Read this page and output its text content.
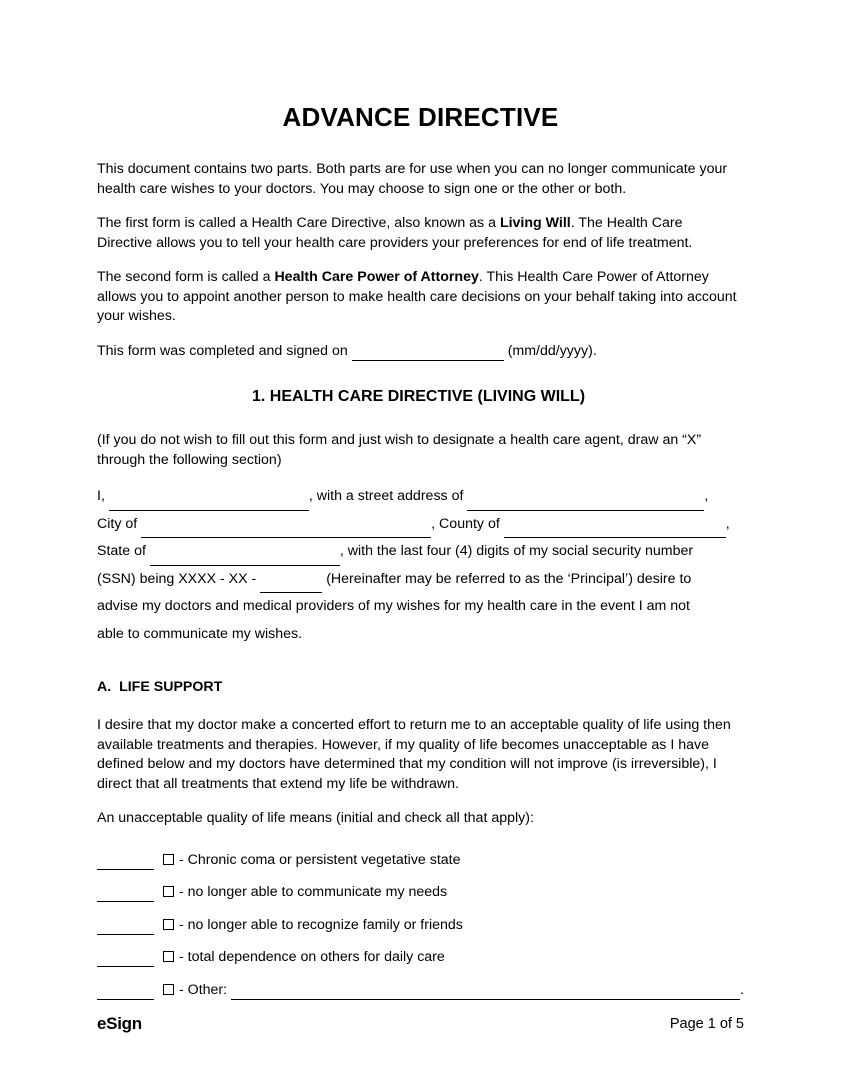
ADVANCE DIRECTIVE

This document contains two parts. Both parts are for use when you can no longer communicate your health care wishes to your doctors. You may choose to sign one or the other or both.

The first form is called a Health Care Directive, also known as a Living Will. The Health Care Directive allows you to tell your health care providers your preferences for end of life treatment.

The second form is called a Health Care Power of Attorney. This Health Care Power of Attorney allows you to appoint another person to make health care decisions on your behalf taking into account your wishes.

This form was completed and signed on	(mm/dd/yyyy).

1. HEALTH CARE DIRECTIVE (LIVING WILL)

(If you do not wish to fill out this form and just wish to designate a health care agent, draw an “X” through the following section)

I,	, with a street address of	,
City of	, County of	,
State of	, with the last four (4) digits of my social security number
(SSN) being XXXX - XX -	(Hereinafter may be referred to as the ‘Principal’) desire to
advise my doctors and medical providers of my wishes for my health care in the event I am not
able to communicate my wishes.

A.  LIFE SUPPORT

I desire that my doctor make a concerted effort to return me to an acceptable quality of life using then available treatments and therapies. However, if my quality of life becomes unacceptable as I have defined below and my doctors have determined that my condition will not improve (is irreversible), I direct that all treatments that extend my life be withdrawn.

An unacceptable quality of life means (initial and check all that apply):

- Chronic coma or persistent vegetative state
- no longer able to communicate my needs
- no longer able to recognize family or friends
- total dependence on others for daily care
- Other:	.
eSign	Page 1 of 5
